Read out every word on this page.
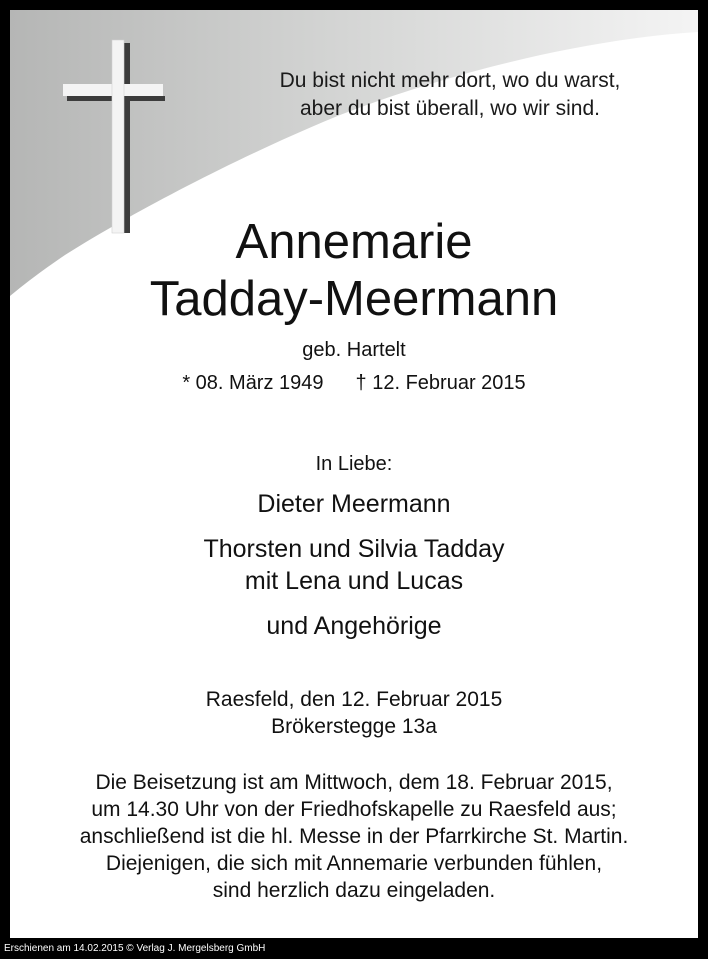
Du bist nicht mehr dort, wo du warst,
aber du bist überall, wo wir sind.
Annemarie
Tadday-Meermann
geb. Hartelt
* 08. März 1949 † 12. Februar 2015
In Liebe:
Dieter Meermann
Thorsten und Silvia Tadday
mit Lena und Lucas
und Angehörige
Raesfeld, den 12. Februar 2015
Brökerstegge 13a
Die Beisetzung ist am Mittwoch, dem 18. Februar 2015,
um 14.30 Uhr von der Friedhofskapelle zu Raesfeld aus;
anschließend ist die hl. Messe in der Pfarrkirche St. Martin.
Diejenigen, die sich mit Annemarie verbunden fühlen,
sind herzlich dazu eingeladen.
Erschienen am 14.02.2015 © Verlag J. Mergelsberg GmbH
